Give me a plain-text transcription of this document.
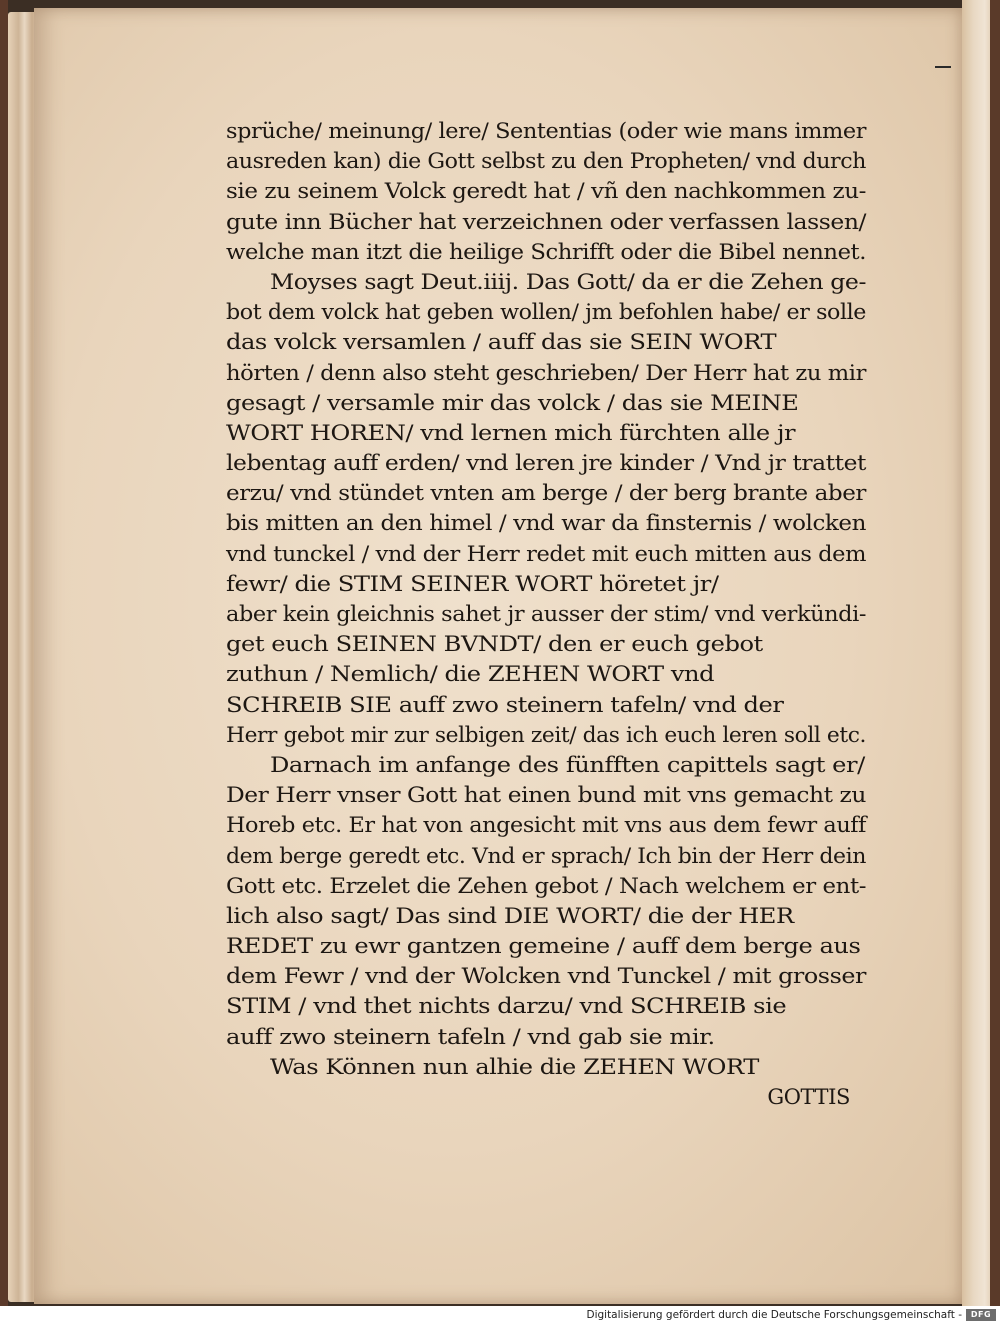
sprüche/ meinung/ lere/ Sententias (oder wie mans immer
ausreden kan) die Gott selbst zu den Propheten/ vnd durch
sie zu seinem Volck geredt hat / vñ den nachkommen zu-
gute inn Bücher hat verzeichnen oder verfassen lassen/
welche man itzt die heilige Schrifft oder die Bibel nennet.
Moyses sagt Deut.iiij. Das Gott/ da er die Zehen ge-
bot dem volck hat geben wollen/ jm befohlen habe/ er solle
das volck versamlen / auff das sie SEIN WORT
hörten / denn also steht geschrieben/ Der Herr hat zu mir
gesagt / versamle mir das volck / das sie MEINE
WORT HOREN/ vnd lernen mich fürchten alle jr
lebentag auff erden/ vnd leren jre kinder / Vnd jr trattet
erzu/ vnd stündet vnten am berge / der berg brante aber
bis mitten an den himel / vnd war da finsternis / wolcken
vnd tunckel / vnd der Herr redet mit euch mitten aus dem
fewr/ die STIM SEINER WORT höretet jr/
aber kein gleichnis sahet jr ausser der stim/ vnd verkündi-
get euch SEINEN BVNDT/ den er euch gebot
zuthun / Nemlich/ die ZEHEN WORT vnd
SCHREIB SIE auff zwo steinern tafeln/ vnd der
Herr gebot mir zur selbigen zeit/ das ich euch leren soll etc.
Darnach im anfange des fünfften capittels sagt er/
Der Herr vnser Gott hat einen bund mit vns gemacht zu
Horeb etc. Er hat von angesicht mit vns aus dem fewr auff
dem berge geredt etc. Vnd er sprach/ Ich bin der Herr dein
Gott etc. Erzelet die Zehen gebot / Nach welchem er ent-
lich also sagt/ Das sind DIE WORT/ die der HER
REDET zu ewr gantzen gemeine / auff dem berge aus
dem Fewr / vnd der Wolcken vnd Tunckel / mit grosser
STIM / vnd thet nichts darzu/ vnd SCHREIB sie
auff zwo steinern tafeln / vnd gab sie mir.
Was Können nun alhie die ZEHEN WORT
GOTTIS
Digitalisierung gefördert durch die Deutsche Forschungsgemeinschaft -	DFG
